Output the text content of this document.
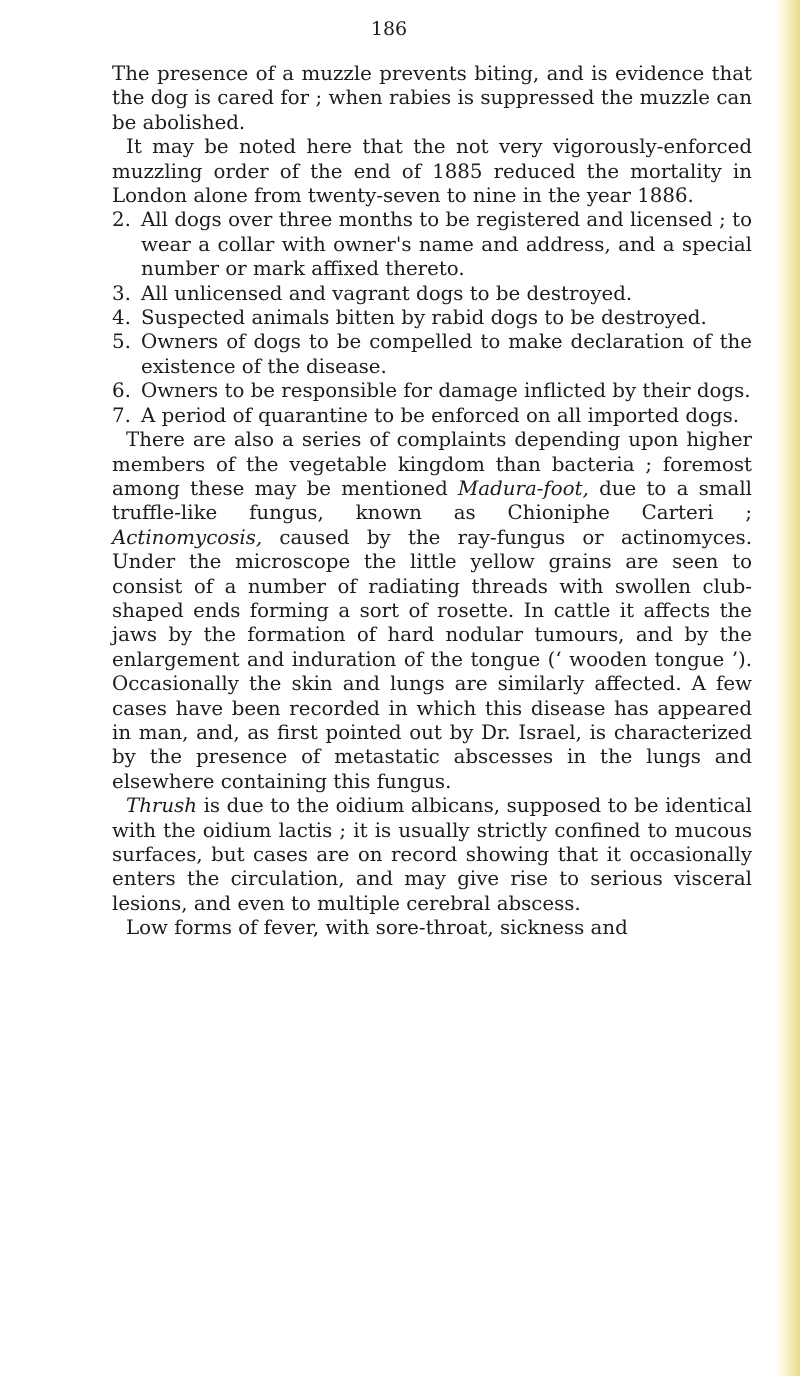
186

The presence of a muzzle prevents biting, and is evidence that the dog is cared for ; when rabies is suppressed the muzzle can be abolished.

It may be noted here that the not very vigorously-enforced muzzling order of the end of 1885 reduced the mortality in London alone from twenty-seven to nine in the year 1886.

2. All dogs over three months to be registered and licensed ; to wear a collar with owner's name and address, and a special number or mark affixed thereto.
3. All unlicensed and vagrant dogs to be destroyed.
4. Suspected animals bitten by rabid dogs to be destroyed.
5. Owners of dogs to be compelled to make declaration of the existence of the disease.
6. Owners to be responsible for damage inflicted by their dogs.
7. A period of quarantine to be enforced on all imported dogs.

There are also a series of complaints depending upon higher members of the vegetable kingdom than bacteria ; foremost among these may be mentioned Madura-foot, due to a small truffle-like fungus, known as Chioniphe Carteri ; Actinomycosis, caused by the ray-fungus or actinomyces. Under the microscope the little yellow grains are seen to consist of a number of radiating threads with swollen club-shaped ends forming a sort of rosette. In cattle it affects the jaws by the formation of hard nodular tumours, and by the enlargement and induration of the tongue (‘ wooden tongue ’). Occasionally the skin and lungs are similarly affected. A few cases have been recorded in which this disease has appeared in man, and, as first pointed out by Dr. Israel, is characterized by the presence of metastatic abscesses in the lungs and elsewhere containing this fungus.

Thrush is due to the oidium albicans, supposed to be identical with the oidium lactis ; it is usually strictly confined to mucous surfaces, but cases are on record showing that it occasionally enters the circulation, and may give rise to serious visceral lesions, and even to multiple cerebral abscess.

Low forms of fever, with sore-throat, sickness and
